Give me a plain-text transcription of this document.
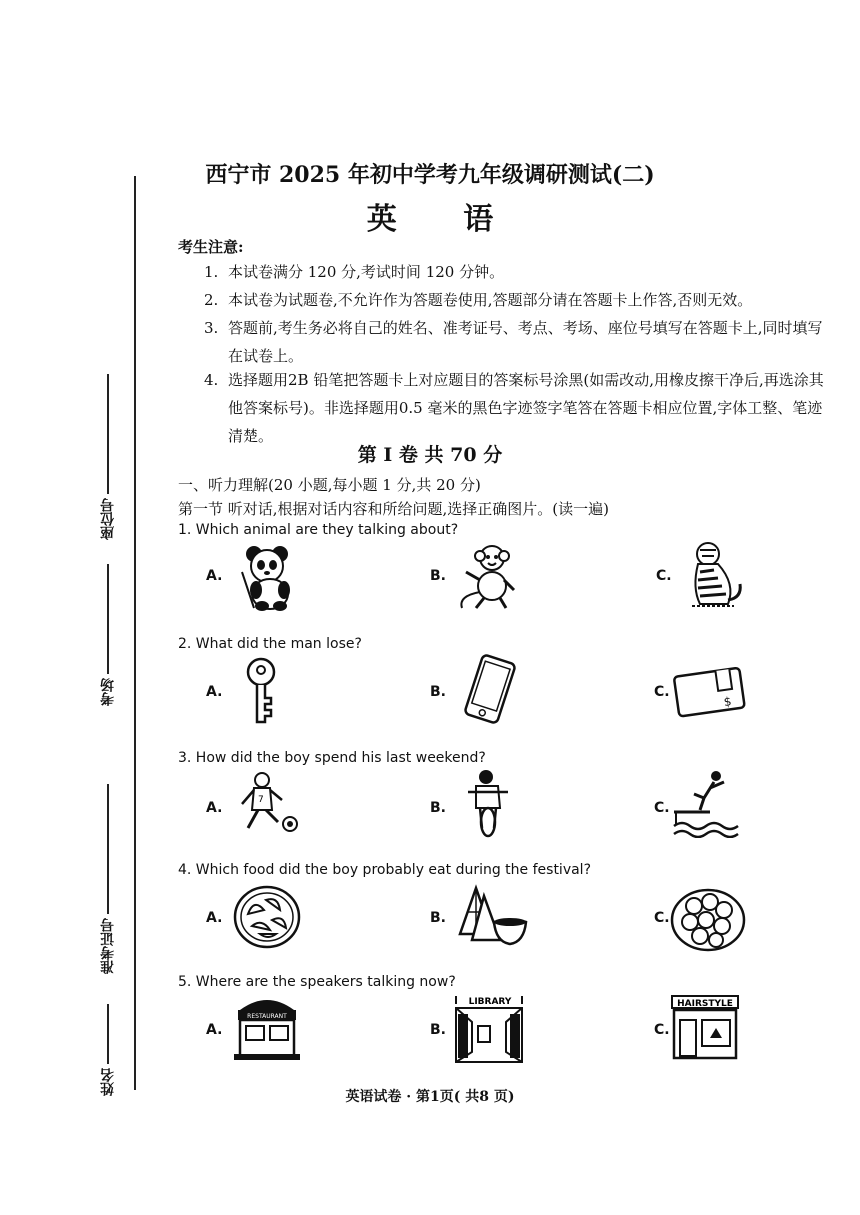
座位号
考场
准考证号
姓名
西宁市 2025 年初中学考九年级调研测试(二)
英 语
考生注意:
1. 本试卷满分 120 分,考试时间 120 分钟。
2. 本试卷为试题卷,不允许作为答题卷使用,答题部分请在答题卡上作答,否则无效。
3. 答题前,考生务必将自己的姓名、准考证号、考点、考场、座位号填写在答题卡上,同时填写在试卷上。
4. 选择题用2B 铅笔把答题卡上对应题目的答案标号涂黑(如需改动,用橡皮擦干净后,再选涂其他答案标号)。非选择题用0.5 毫米的黑色字迹签字笔答在答题卡相应位置,字体工整、笔迹清楚。
第 I 卷 共 70 分
一、听力理解(20 小题,每小题 1 分,共 20 分)
第一节 听对话,根据对话内容和所给问题,选择正确图片。(读一遍)
1. Which animal are they talking about?
A.	B.	C.
2. What did the man lose?
A.	B.	C.
$
3. How did the boy spend his last weekend?
A.	7	B.	C.
4. Which food did the boy probably eat during the festival?
A.	B.	C.
5. Where are the speakers talking now?
A.
RESTAURANT
B.
LIBRARY
C.
HAIRSTYLE
英语试卷 · 第1页( 共8 页)
